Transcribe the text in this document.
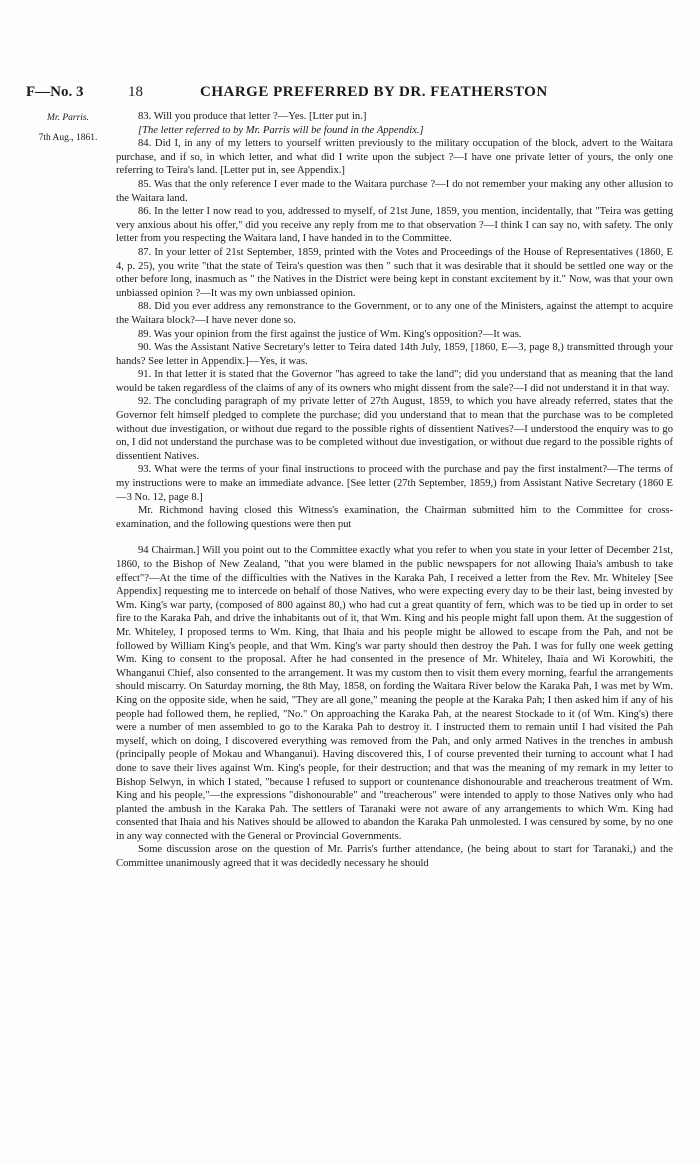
F—No. 3	18	CHARGE PREFERRED BY DR. FEATHERSTON
Mr. Parris.
7th Aug., 1861.

83. Will you produce that letter ?—Yes. [Ltter put in.]

[The letter referred to by Mr. Parris will be found in the Appendix.]

84. Did I, in any of my letters to yourself written previously to the military occupation of the block, advert to the Waitara purchase, and if so, in which letter, and what did I write upon the subject ?—I have one private letter of yours, the only one referring to Teira's land. [Letter put in, see Appendix.]

85. Was that the only reference I ever made to the Waitara purchase ?—I do not remember your making any other allusion to the Waitara land.

86. In the letter I now read to you, addressed to myself, of 21st June, 1859, you mention, incidentally, that "Teira was getting very anxious about his offer," did you receive any reply from me to that observation ?—I think I can say no, with safety. The only letter from you respecting the Waitara land, I have handed in to the Committee.

87. In your letter of 21st September, 1859, printed with the Votes and Proceedings of the House of Representatives (1860, E 4, p. 25), you write "that the state of Teira's question was then " such that it was desirable that it should be settled one way or the other before long, inasmuch as " the Natives in the District were being kept in constant excitement by it." Now, was that your own unbiassed opinion ?—It was my own unbiassed opinion.

88. Did you ever address any remonstrance to the Government, or to any one of the Ministers, against the attempt to acquire the Waitara block?—I have never done so.

89. Was your opinion from the first against the justice of Wm. King's opposition?—It was.

90. Was the Assistant Native Secretary's letter to Teira dated 14th July, 1859, [1860, E—3, page 8,) transmitted through your hands? See letter in Appendix.]—Yes, it was.

91. In that letter it is stated that the Governor "has agreed to take the land"; did you understand that as meaning that the land would be taken regardless of the claims of any of its owners who might dissent from the sale?—I did not understand it in that way.

92. The concluding paragraph of my private letter of 27th August, 1859, to which you have already referred, states that the Governor felt himself pledged to complete the purchase; did you understand that to mean that the purchase was to be completed without due investigation, or without due regard to the possible rights of dissentient Natives?—I understood the enquiry was to go on, I did not understand the purchase was to be completed without due investigation, or without due regard to the possible rights of dissentient Natives.

93. What were the terms of your final instructions to proceed with the purchase and pay the first instalment?—The terms of my instructions were to make an immediate advance. [See letter (27th September, 1859,) from Assistant Native Secretary (1860 E—3 No. 12, page 8.]

Mr. Richmond having closed this Witness's examination, the Chairman submitted him to the Committee for cross-examination, and the following questions were then put

94 Chairman.] Will you point out to the Committee exactly what you refer to when you state in your letter of December 21st, 1860, to the Bishop of New Zealand, "that you were blamed in the public newspapers for not allowing Ihaia's ambush to take effect"?—At the time of the difficulties with the Natives in the Karaka Pah, I received a letter from the Rev. Mr. Whiteley [See Appendix] requesting me to intercede on behalf of those Natives, who were expecting every day to be their last, being invested by Wm. King's war party, (composed of 800 against 80,) who had cut a great quantity of fern, which was to be tied up in order to set fire to the Karaka Pah, and drive the inhabitants out of it, that Wm. King and his people might fall upon them. At the suggestion of Mr. Whiteley, I proposed terms to Wm. King, that Ihaia and his people might be allowed to escape from the Pah, and not be followed by William King's people, and that Wm. King's war party should then destroy the Pah. I was for fully one week getting Wm. King to consent to the proposal. After he had consented in the presence of Mr. Whiteley, Ihaia and Wi Korowhiti, the Whanganui Chief, also consented to the arrangement. It was my custom then to visit them every morning, fearful the arrangements should miscarry. On Saturday morning, the 8th May, 1858, on fording the Waitara River below the Karaka Pah, I was met by Wm. King on the opposite side, when he said, "They are all gone," meaning the people at the Karaka Pah; I then asked him if any of his people had followed them, he replied, "No." On approaching the Karaka Pah, at the nearest Stockade to it (of Wm. King's) there were a number of men assembled to go to the Karaka Pah to destroy it. I instructed them to remain until I had visited the Pah myself, which on doing, I discovered everything was removed from the Pah, and only armed Natives in the trenches in ambush (principally people of Mokau and Whanganui). Having discovered this, I of course prevented their turning to account what I had done to save their lives against Wm. King's people, for their destruction; and that was the meaning of my remark in my letter to Bishop Selwyn, in which I stated, "because I refused to support or countenance dishonourable and treacherous treatment of Wm. King and his people,"—the expressions "dishonourable" and "treacherous" were intended to apply to those Natives only who had planted the ambush in the Karaka Pah. The settlers of Taranaki were not aware of any arrangements to which Wm. King had consented that Ihaia and his Natives should be allowed to abandon the Karaka Pah unmolested. I was censured by some, by no one in any way connected with the General or Provincial Governments.

Some discussion arose on the question of Mr. Parris's further attendance, (he being about to start for Taranaki,) and the Committee unanimously agreed that it was decidedly necessary he should
